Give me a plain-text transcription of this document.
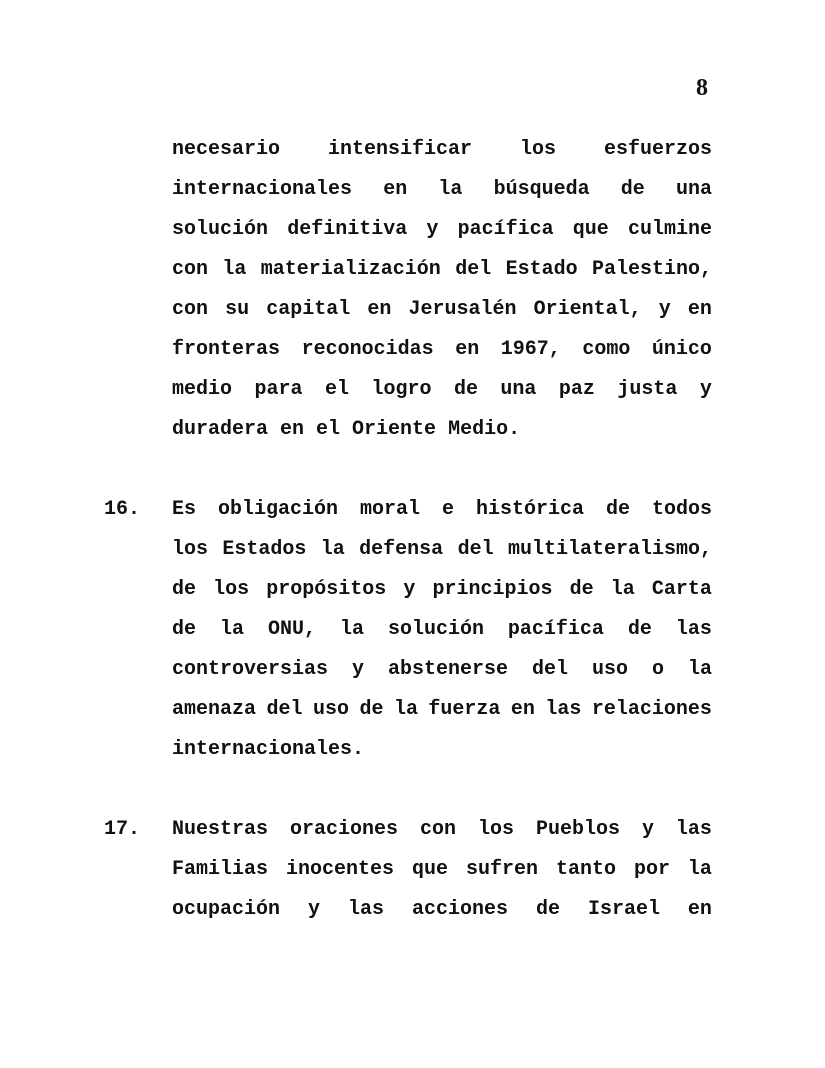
8
necesario intensificar los esfuerzos
internacionales en la búsqueda de una
solución definitiva y pacífica que culmine
con la materialización del Estado Palestino,
con su capital en Jerusalén Oriental, y en
fronteras reconocidas en 1967, como único
medio para el logro de una paz justa y
duradera en el Oriente Medio.
16. Es obligación moral e histórica de todos
los Estados la defensa del multilateralismo,
de los propósitos y principios de la Carta
de la ONU, la solución pacífica de las
controversias y abstenerse del uso o la
amenaza del uso de la fuerza en las relaciones
internacionales.
17. Nuestras oraciones con los Pueblos y las
Familias inocentes que sufren tanto por la
ocupación y las acciones de Israel en
